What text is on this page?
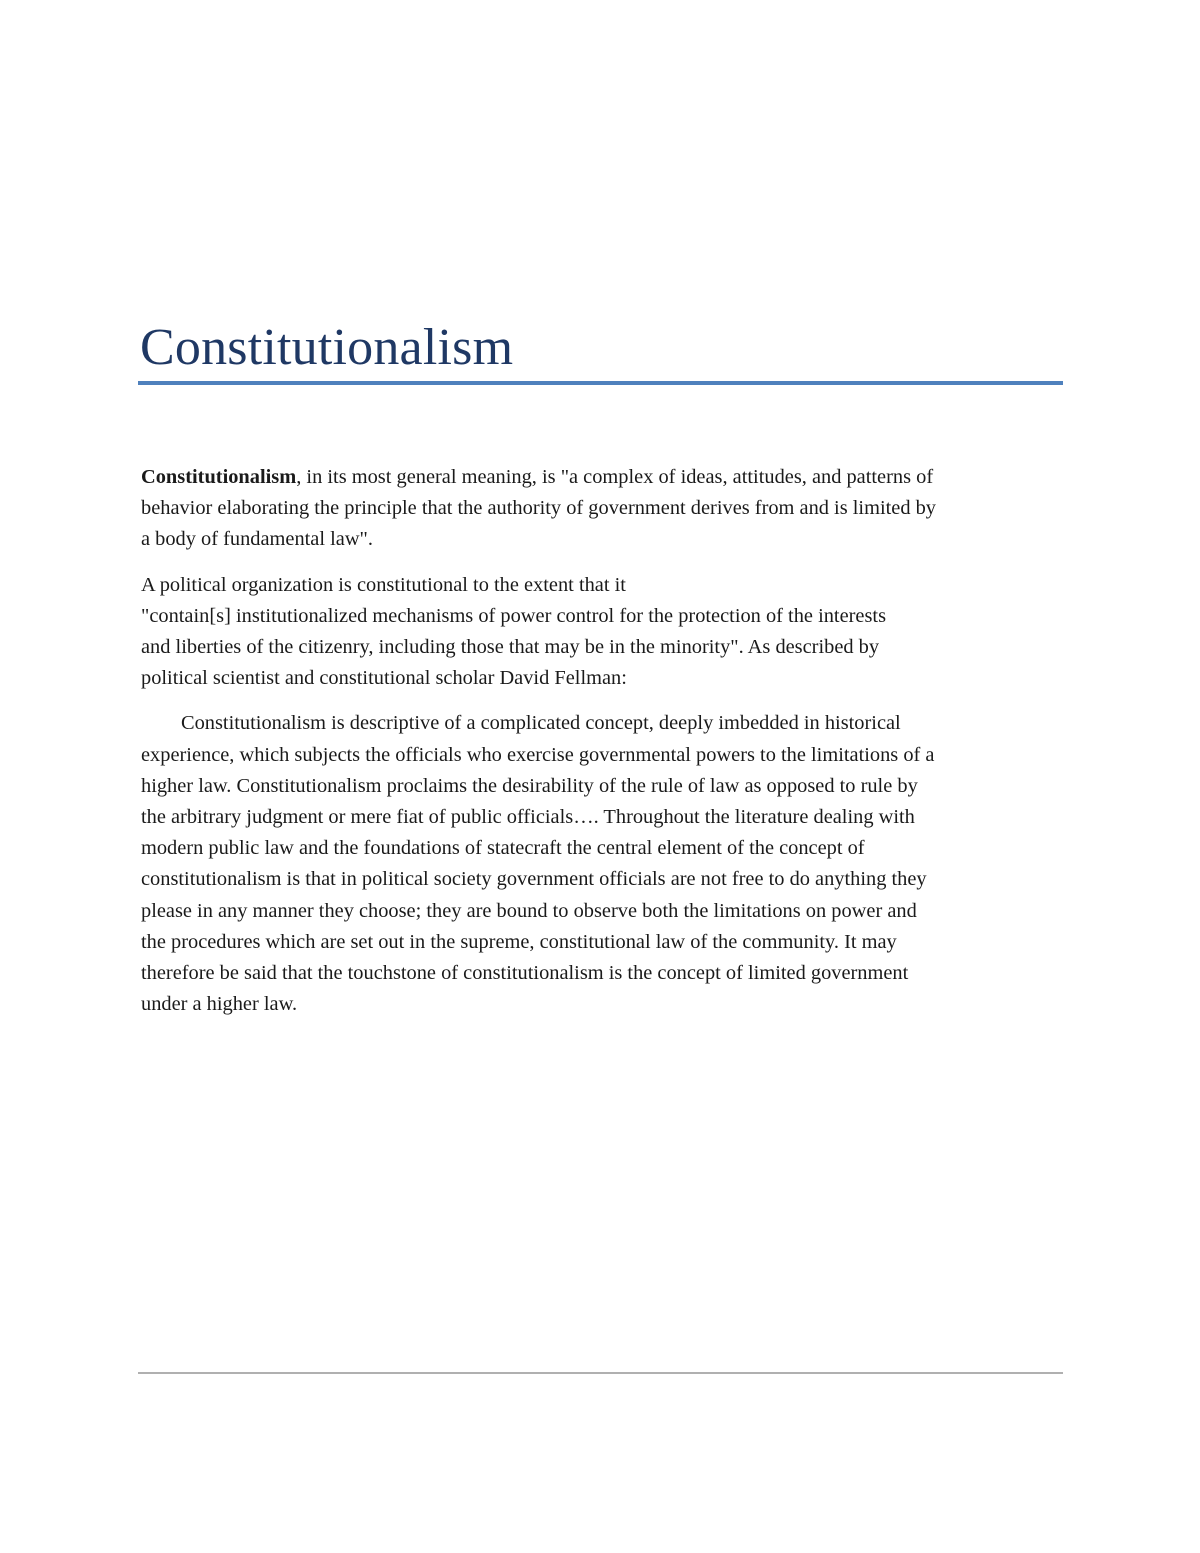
Constitutionalism

Constitutionalism, in its most general meaning, is "a complex of ideas, attitudes, and patterns of
behavior elaborating the principle that the authority of government derives from and is limited by
a body of fundamental law".

A political organization is constitutional to the extent that it
"contain[s] institutionalized mechanisms of power control for the protection of the interests
and liberties of the citizenry, including those that may be in the minority". As described by
political scientist and constitutional scholar David Fellman:

Constitutionalism is descriptive of a complicated concept, deeply imbedded in historical
experience, which subjects the officials who exercise governmental powers to the limitations of a
higher law. Constitutionalism proclaims the desirability of the rule of law as opposed to rule by
the arbitrary judgment or mere fiat of public officials…. Throughout the literature dealing with
modern public law and the foundations of statecraft the central element of the concept of
constitutionalism is that in political society government officials are not free to do anything they
please in any manner they choose; they are bound to observe both the limitations on power and
the procedures which are set out in the supreme, constitutional law of the community. It may
therefore be said that the touchstone of constitutionalism is the concept of limited government
under a higher law.
